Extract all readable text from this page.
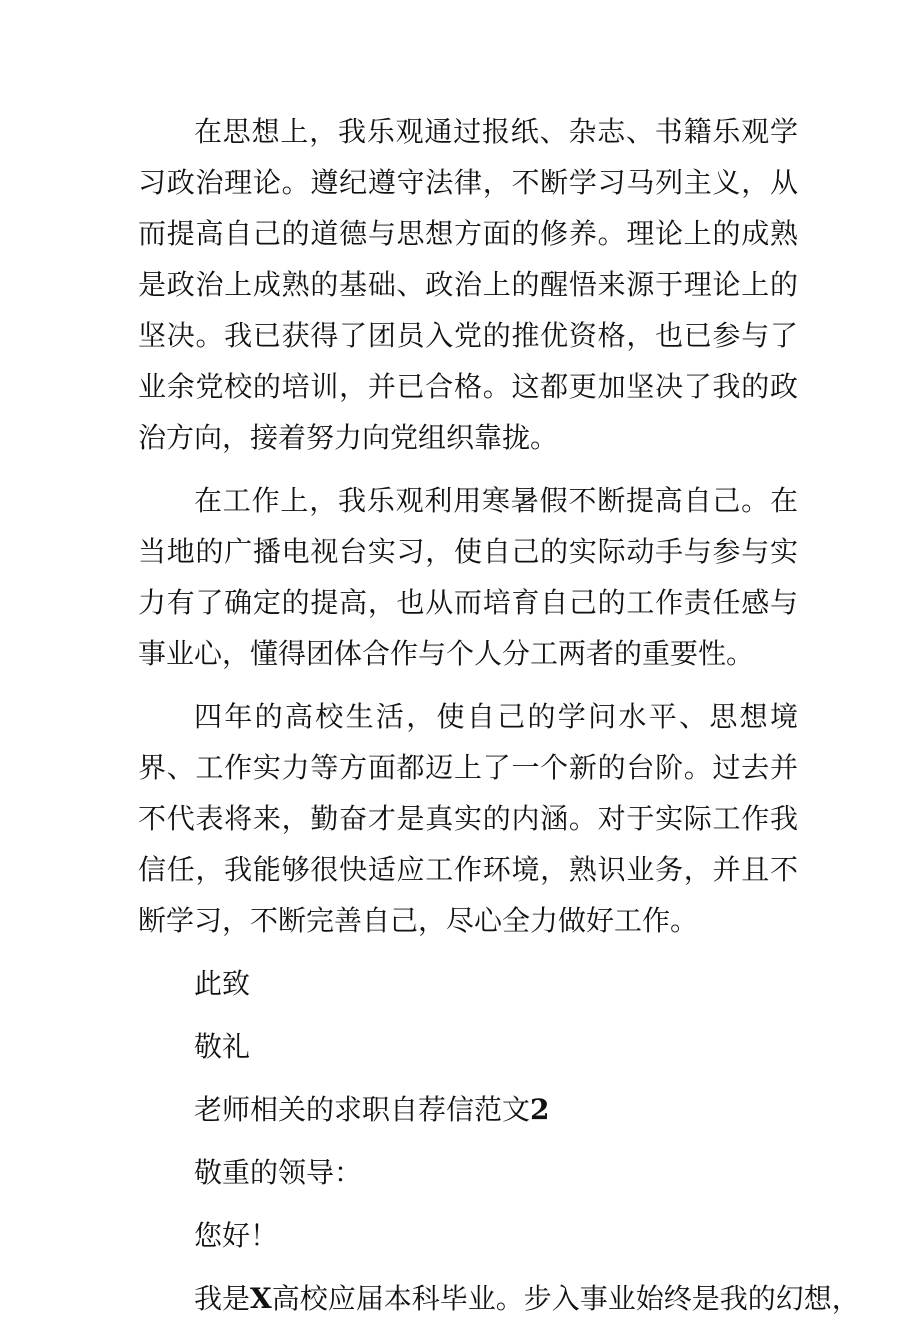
在思想上，我乐观通过报纸、杂志、书籍乐观学习政治理论。遵纪遵守法律，不断学习马列主义，从而提高自己的道德与思想方面的修养。理论上的成熟是政治上成熟的基础、政治上的醒悟来源于理论上的坚决。我已获得了团员入党的推优资格，也已参与了业余党校的培训，并已合格。这都更加坚决了我的政治方向，接着努力向党组织靠拢。

在工作上，我乐观利用寒暑假不断提高自己。在当地的广播电视台实习，使自己的实际动手与参与实力有了确定的提高，也从而培育自己的工作责任感与事业心，懂得团体合作与个人分工两者的重要性。

四年的高校生活，使自己的学问水平、思想境界、工作实力等方面都迈上了一个新的台阶。过去并不代表将来，勤奋才是真实的内涵。对于实际工作我信任，我能够很快适应工作环境，熟识业务，并且不断学习，不断完善自己，尽心全力做好工作。

此致
敬礼
老师相关的求职自荐信范文2
敬重的领导：
您好！
我是X高校应届本科毕业。步入事业始终是我的幻想，
